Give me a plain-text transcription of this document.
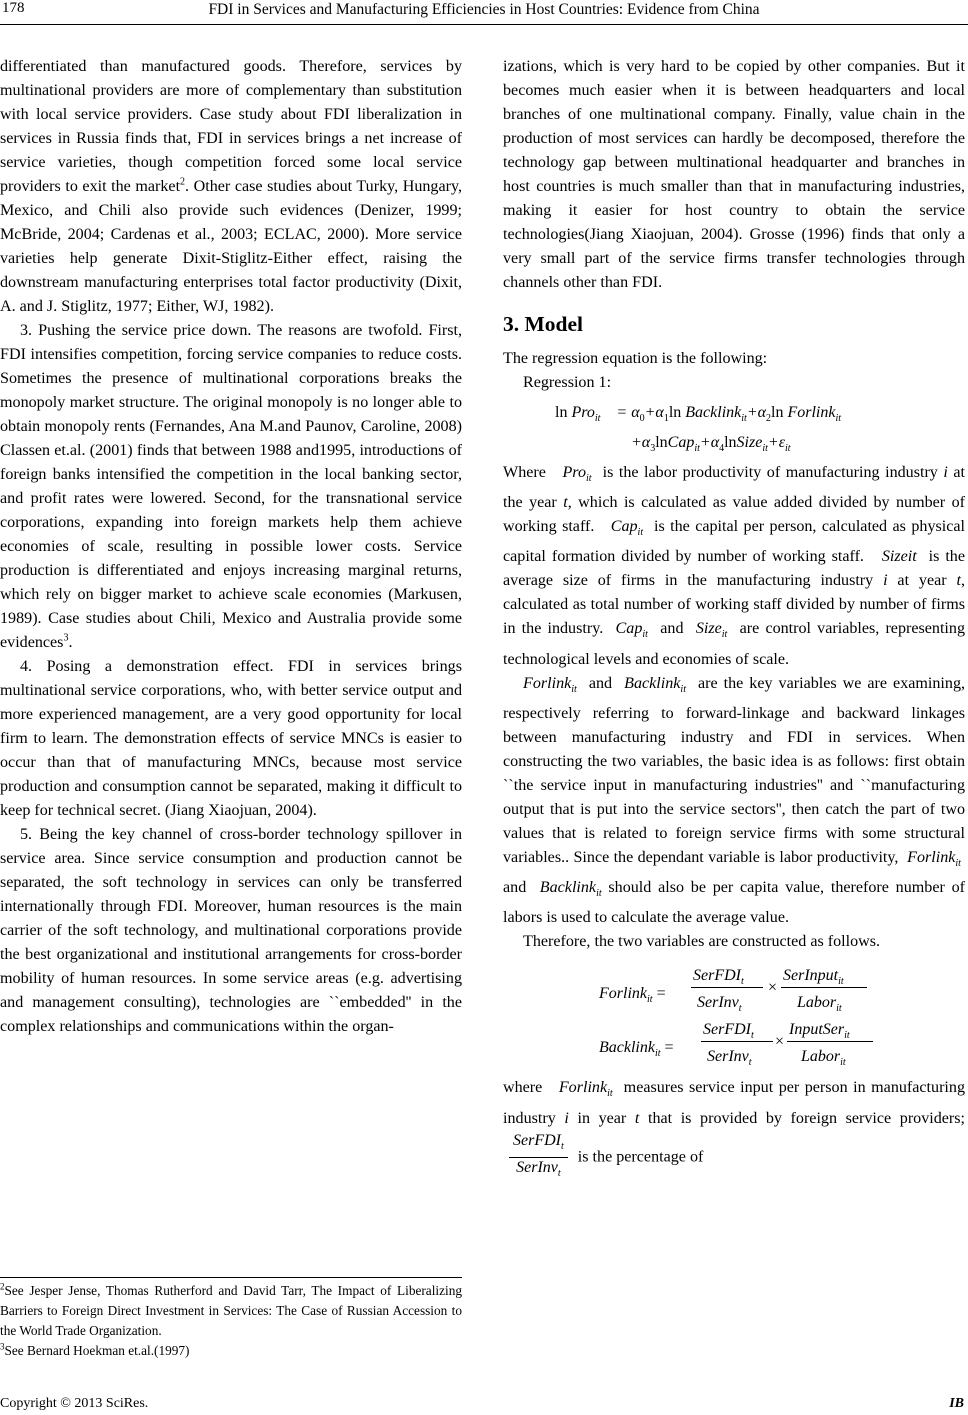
178	FDI in Services and Manufacturing Efficiencies in Host Countries: Evidence from China

differentiated than manufactured goods. Therefore, services by multinational providers are more of complementary than substitution with local service providers. Case study about FDI liberalization in services in Russia finds that, FDI in services brings a net increase of service varieties, though competition forced some local service providers to exit the market$^2$. Other case studies about Turky, Hungary, Mexico, and Chili also provide such evidences (Denizer, 1999; McBride, 2004; Cardenas et al., 2003; ECLAC, 2000). More service varieties help generate Dixit-Stiglitz-Either effect, raising the downstream manufacturing enterprises total factor productivity (Dixit, A. and J. Stiglitz, 1977; Either, WJ, 1982).

3. Pushing the service price down. The reasons are twofold. First, FDI intensifies competition, forcing service companies to reduce costs. Sometimes the presence of multinational corporations breaks the monopoly market structure. The original monopoly is no longer able to obtain monopoly rents (Fernandes, Ana M.and Paunov, Caroline, 2008) Classen et.al. (2001) finds that between 1988 and1995, introductions of foreign banks intensified the competition in the local banking sector, and profit rates were lowered. Second, for the transnational service corporations, expanding into foreign markets help them achieve economies of scale, resulting in possible lower costs. Service production is differentiated and enjoys increasing marginal returns, which rely on bigger market to achieve scale economies (Markusen, 1989). Case studies about Chili, Mexico and Australia provide some evidences$^3$.

4. Posing a demonstration effect. FDI in services brings multinational service corporations, who, with better service output and more experienced management, are a very good opportunity for local firm to learn. The demonstration effects of service MNCs is easier to occur than that of manufacturing MNCs, because most service production and consumption cannot be separated, making it difficult to keep for technical secret. (Jiang Xiaojuan, 2004).

5. Being the key channel of cross-border technology spillover in service area. Since service consumption and production cannot be separated, the soft technology in services can only be transferred internationally through FDI. Moreover, human resources is the main carrier of the soft technology, and multinational corporations provide the best organizational and institutional arrangements for cross-border mobility of human resources. In some service areas (e.g. advertising and management consulting), technologies are ``embedded'' in the complex relationships and communications within the organ-

izations, which is very hard to be copied by other companies. But it becomes much easier when it is between headquarters and local branches of one multinational company. Finally, value chain in the production of most services can hardly be decomposed, therefore the technology gap between multinational headquarter and branches in host countries is much smaller than that in manufacturing industries, making it easier for host country to obtain the service technologies(Jiang Xiaojuan, 2004). Grosse (1996) finds that only a very small part of the service firms transfer technologies through channels other than FDI.

3. Model

The regression equation is the following:

Regression 1:

ln Pro$_{it}$    = $\alpha_0+\alpha_1\ln$ $Backlink_{it}+\alpha_2\ln$ Forlink$_{it}$
$+\alpha_3lnCap_{it}+\alpha_4lnSize_{it}+\varepsilon_{it}$

Where Pro$_{it}$ is the labor productivity of manufacturing industry i at the year t, which is calculated as value added divided by number of working staff. Cap$_{it}$ is the capital per person, calculated as physical capital formation divided by number of working staff. Sizeit is the average size of firms in the manufacturing industry i at year t, calculated as total number of working staff divided by number of firms in the industry. Cap$_{it}$ and Size$_{it}$ are control variables, representing technological levels and economies of scale.

Forlink$_{it}$ and Backlink$_{it}$ are the key variables we are examining, respectively referring to forward-linkage and backward linkages between manufacturing industry and FDI in services. When constructing the two variables, the basic idea is as follows: first obtain ``the service input in manufacturing industries'' and ``manufacturing output that is put into the service sectors'', then catch the part of two values that is related to foreign service firms with some structural variables.. Since the dependant variable is labor productivity, Forlink$_{it}$  and Backlink$_{it}$ should also be per capita value, therefore number of labors is used to calculate the average value.

Therefore, the two variables are constructed as follows.

Forlink$_{it}$ =
SerFDI$_t$
SerInv$_t$
×
SerInput$_{it}$
Labor$_{it}$
Backlink$_{it}$ =
SerFDI$_t$
SerInv$_t$
×
InputSer$_{it}$
Labor$_{it}$

where Forlink$_{it}$ measures service input per person in manufacturing industry i in year t that is provided by foreign service providers;
$\frac{SerFDI_t}{SerInv_t}$ is the percentage of

$^2$See Jesper Jense, Thomas Rutherford and David Tarr, The Impact of Liberalizing Barriers to Foreign Direct Investment in Services: The Case of Russian Accession to the World Trade Organization.
$^3$See Bernard Hoekman et.al.(1997)
Copyright © 2013 SciRes.	IB
